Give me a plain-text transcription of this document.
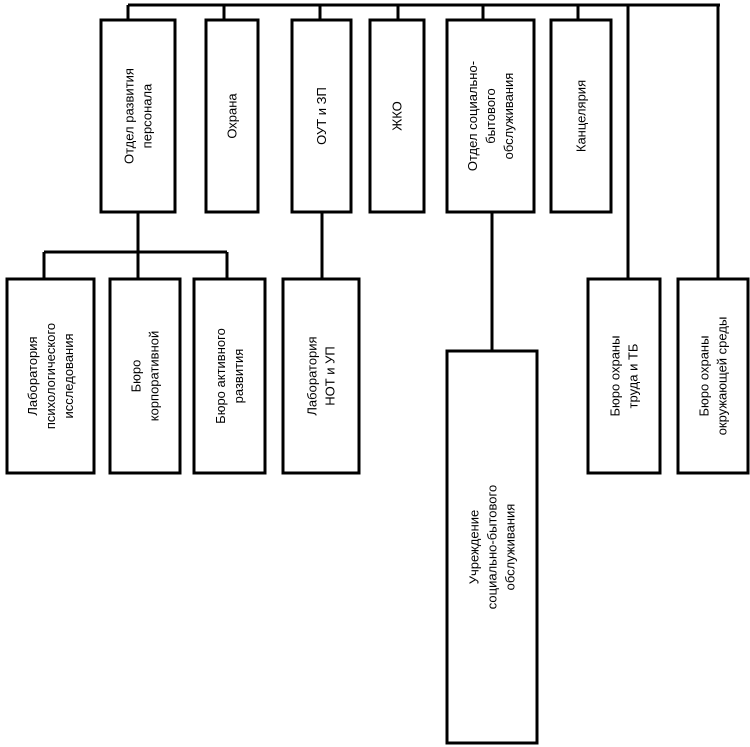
Отдел развития персонала	Охрана	ОУТ и ЗП	ЖКО	Отдел социально- бытового обслуживания	Канцелярия
Лаборатория психологического исследования	Бюро корпоративной	Бюро активного развития	Лаборатория НОТ и УП
Учреждение социально-бытового обслуживания
Бюро охраны труда и ТБ	Бюро охраны окружающей среды
